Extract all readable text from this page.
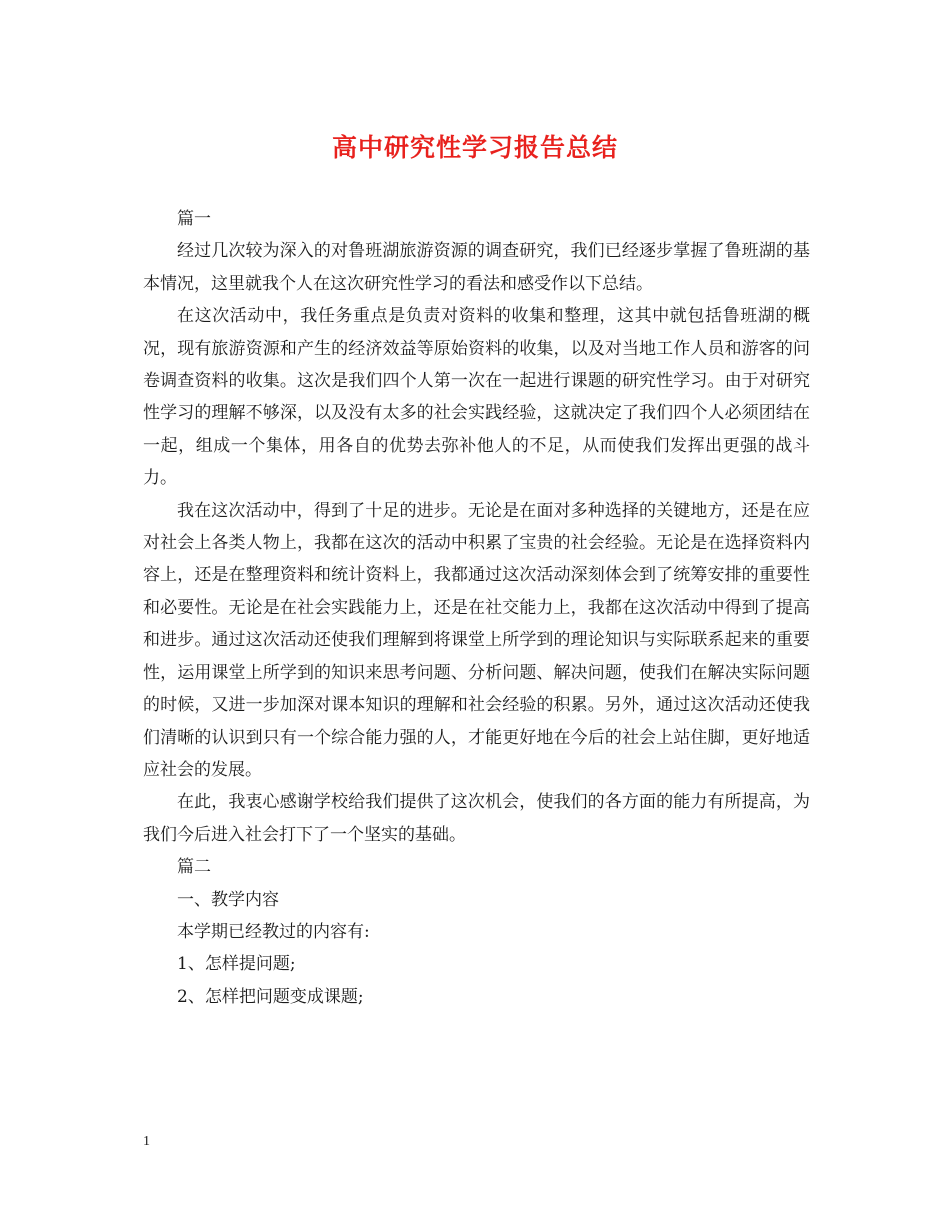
高中研究性学习报告总结

篇一

经过几次较为深入的对鲁班湖旅游资源的调查研究，我们已经逐步掌握了鲁班湖的基本情况，这里就我个人在这次研究性学习的看法和感受作以下总结。

在这次活动中，我任务重点是负责对资料的收集和整理，这其中就包括鲁班湖的概况，现有旅游资源和产生的经济效益等原始资料的收集，以及对当地工作人员和游客的问卷调查资料的收集。这次是我们四个人第一次在一起进行课题的研究性学习。由于对研究性学习的理解不够深，以及没有太多的社会实践经验，这就决定了我们四个人必须团结在一起，组成一个集体，用各自的优势去弥补他人的不足，从而使我们发挥出更强的战斗力。

我在这次活动中，得到了十足的进步。无论是在面对多种选择的关键地方，还是在应对社会上各类人物上，我都在这次的活动中积累了宝贵的社会经验。无论是在选择资料内容上，还是在整理资料和统计资料上，我都通过这次活动深刻体会到了统筹安排的重要性和必要性。无论是在社会实践能力上，还是在社交能力上，我都在这次活动中得到了提高和进步。通过这次活动还使我们理解到将课堂上所学到的理论知识与实际联系起来的重要性，运用课堂上所学到的知识来思考问题、分析问题、解决问题，使我们在解决实际问题的时候，又进一步加深对课本知识的理解和社会经验的积累。另外，通过这次活动还使我们清晰的认识到只有一个综合能力强的人，才能更好地在今后的社会上站住脚，更好地适应社会的发展。

在此，我衷心感谢学校给我们提供了这次机会，使我们的各方面的能力有所提高，为我们今后进入社会打下了一个坚实的基础。

篇二

一、教学内容

本学期已经教过的内容有:

1、怎样提问题;

2、怎样把问题变成课题;

1
